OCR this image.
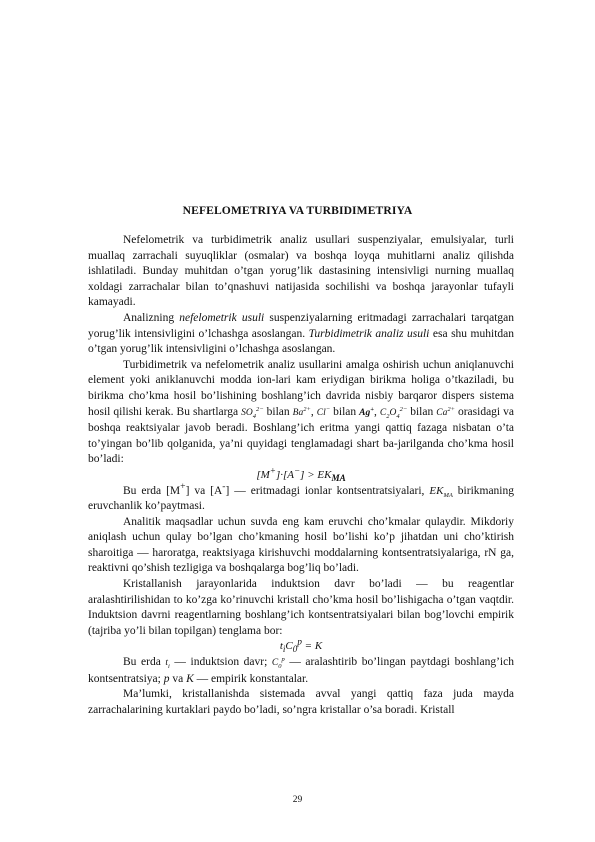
NEFELOMETRIYA VA TURBIDIMETRIYA

Nefelometrik va turbidimetrik analiz usullari suspenziyalar, emulsiyalar, turli muallaq zarrachali suyuqliklar (osmalar) va boshqa loyqa muhitlarni analiz qilishda ishlatiladi. Bunday muhitdan o’tgan yorug’lik dastasining intensivligi nurning muallaq xoldagi zarrachalar bilan to’qnashuvi natijasida sochilishi va boshqa jarayonlar tufayli kamayadi.

Analizning nefelometrik usuli suspenziyalarning eritmadagi zarrachalari tarqatgan yorug’lik intensivligini o’lchashga asoslangan. Turbidimetrik analiz usuli esa shu muhitdan o’tgan yorug’lik intensivligini o’lchashga asoslangan.

Turbidimetrik va nefelometrik analiz usullarini amalga oshirish uchun aniqlanuvchi element yoki aniklanuvchi modda ion-lari kam eriydigan birikma holiga o’tkaziladi, bu birikma cho’kma hosil bo’lishining boshlang’ich davrida nisbiy barqaror dispers sistema hosil qilishi kerak. Bu shartlarga $SO_4^{2-}$ bilan $Ba^{2+}$, Cl− bilan Ag+, $C_2O_4^{2-}$ bilan $Ca^{2+}$ orasidagi va boshqa reaktsiyalar javob beradi. Boshlang’ich eritma yangi qattiq fazaga nisbatan o’ta to’yingan bo’lib qolganida, ya’ni quyidagi tenglamadagi shart ba-jarilganda cho’kma hosil bo’ladi:

$[M^+]\cdot[A^-] > EK_{MA}$

Bu erda [M+] va [A-] — eritmadagi ionlar kontsentratsiyalari, $EK_{MA}$ birikmaning eruvchanlik ko’paytmasi.

Analitik maqsadlar uchun suvda eng kam eruvchi cho’kmalar qulaydir. Mikdoriy aniqlash uchun qulay bo’lgan cho’kmaning hosil bo’lishi ko’p jihatdan uni cho’ktirish sharoitiga — haroratga, reaktsiyaga kirishuvchi moddalarning kontsentratsiyalariga, rN ga, reaktivni qo’shish tezligiga va boshqalarga bog’liq bo’ladi.

Kristallanish jarayonlarida induktsion davr bo’ladi — bu reagentlar aralashtirilishidan to ko’zga ko’rinuvchi kristall cho’kma hosil bo’lishigacha o’tgan vaqtdir. Induktsion davrni reagentlarning boshlang’ich kontsentratsiyalari bilan bog’lovchi empirik (tajriba yo’li bilan topilgan) tenglama bor:

$t_iC_0^p = K$

Bu erda $t_i$ — induktsion davr; $C_0^p$ — aralashtirib bo’lingan paytdagi boshlang’ich kontsentratsiya; p va K — empirik konstantalar.

Ma’lumki, kristallanishda sistemada avval yangi qattiq faza juda mayda zarrachalarining kurtaklari paydo bo’ladi, so’ngra kristallar o’sa boradi. Kristall

29
